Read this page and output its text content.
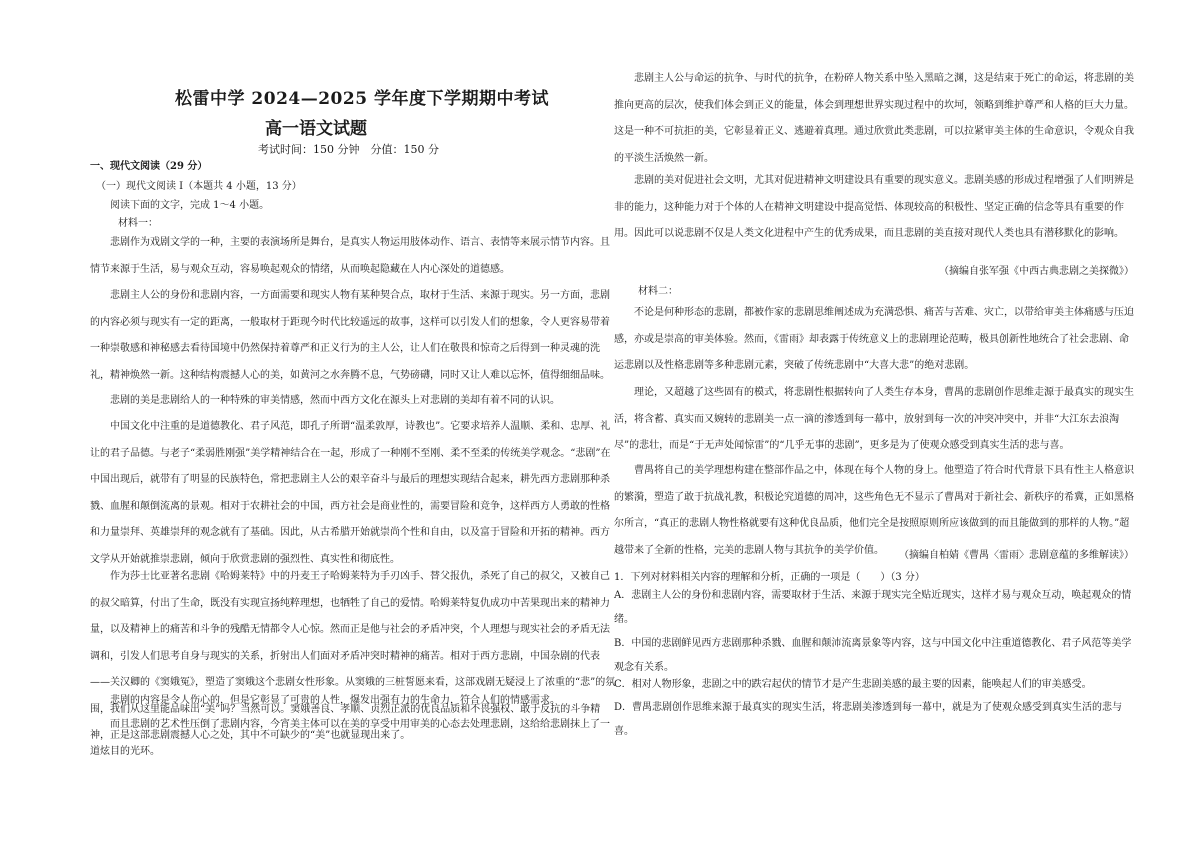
松雷中学 2024—2025 学年度下学期期中考试
高一语文试题
考试时间：150 分钟　分值：150 分
一、现代文阅读（29 分）
（一）现代文阅读 I（本题共 4 小题，13 分）
阅读下面的文字，完成 1～4 小题。
材料一：
悲剧作为戏剧文学的一种，主要的表演场所是舞台，是真实人物运用肢体动作、语言、表情等来展示情节内容。且情节来源于生活，易与观众互动，容易唤起观众的情绪，从而唤起隐藏在人内心深处的道德感。
悲剧主人公的身份和悲剧内容，一方面需要和现实人物有某种契合点，取材于生活、来源于现实。另一方面，悲剧的内容必须与现实有一定的距离，一般取材于距现今时代比较遥远的故事，这样可以引发人们的想象，令人更容易带着一种崇敬感和神秘感去看待国境中仍然保持着尊严和正义行为的主人公，让人们在敬畏和惊奇之后得到一种灵魂的洗礼，精神焕然一新。这种结构震撼人心的美，如黄河之水奔腾不息，气势磅礴，同时又让人难以忘怀，值得细细品味。
悲剧的美是悲剧给人的一种特殊的审美情感，然而中西方文化在源头上对悲剧的美却有着不同的认识。
中国文化中注重的是道德教化、君子风范，即孔子所谓“温柔敦厚，诗教也”。它要求培养人温顺、柔和、忠厚、礼让的君子品德。与老子“柔弱胜刚强”美学精神结合在一起，形成了一种刚不至刚、柔不至柔的传统美学观念。“悲剧”在中国出现后，就带有了明显的民族特色，常把悲剧主人公的艰辛奋斗与最后的理想实现结合起来，耕先西方悲剧那种杀戮、血腥和颠倒流离的景观。相对于农耕社会的中国，西方社会是商业性的，需要冒险和竞争，这样西方人勇敢的性格和力量崇拜、英雄崇拜的观念就有了基础。因此，从古希腊开始就崇尚个性和自由，以及富于冒险和开拓的精神。西方文学从开始就推崇悲剧，倾向于欣赏悲剧的强烈性、真实性和彻底性。
作为莎士比亚著名悲剧《哈姆莱特》中的丹麦王子哈姆莱特为手刃凶手、替父报仇，杀死了自己的叔父，又被自己的叔父暗算，付出了生命，既没有实现宣扬纯粹理想，也牺牲了自己的爱情。哈姆莱特复仇成功中苦果现出来的精神力量，以及精神上的痛苦和斗争的残酷无情都令人心惊。然而正是他与社会的矛盾冲突，个人理想与现实社会的矛盾无法调和，引发人们思考自身与现实的关系，折射出人们面对矛盾冲突时精神的痛苦。相对于西方悲剧，中国杂剧的代表——关汉卿的《窦娥冤》，塑造了窦娥这个悲剧女性形象。从窦娥的三桩誓愿来看，这部戏剧无疑浸上了浓重的“悲”的氛围，我们从这里能品味出“美”吗？当然可以。窦娥善良、孝顺、贞烈正派的优良品质和不畏强权、敢于反抗的斗争精神，正是这部悲剧震撼人心之处，其中不可缺少的“美”也就显现出来了。
悲剧的内容是令人伤心的，但是它彰显了可贵的人性，爆发出强有力的生命力，符合人们的情感需求。
而且悲剧的艺术性压倒了悲剧内容，今宵美主体可以在美的享受中用审美的心态去处理悲剧，这给给悲剧抹上了一道炫目的光环。
悲剧主人公与命运的抗争、与时代的抗争，在粉碎人物关系中坠入黑暗之渊，这是结束于死亡的命运，将悲剧的美推向更高的层次，使我们体会到正义的能量，体会到理想世界实现过程中的坎坷，领略到维护尊严和人格的巨大力量。这是一种不可抗拒的美，它彰显着正义、逃避着真理。通过欣赏此类悲剧，可以拉紧审美主体的生命意识，令观众自我的平淡生活焕然一新。
悲剧的美对促进社会文明，尤其对促进精神文明建设具有重要的现实意义。悲剧美感的形成过程增强了人们明辨是非的能力，这种能力对于个体的人在精神文明建设中提高觉悟、体现较高的积极性、坚定正确的信念等具有重要的作用。因此可以说悲剧不仅是人类文化进程中产生的优秀成果，而且悲剧的美直接对现代人类也具有潜移默化的影响。
（摘编自张军强《中西古典悲剧之美探微》）
材料二：
不论是何种形态的悲剧，都被作家的悲剧思维阐述成为充满恐惧、痛苦与苦难、灾亡，以带给审美主体痛感与压迫感，亦或是崇高的审美体验。然而，《雷雨》却表露于传统意义上的悲剧理论范畴，极具创新性地统合了社会悲剧、命运悲剧以及性格悲剧等多种悲剧元素，突破了传统悲剧中“大喜大悲”的绝对悲剧。
理论，又超越了这些固有的模式，将悲剧性根据转向了人类生存本身，曹禺的悲剧创作思维走源于最真实的现实生活，将含蓄、真实而又婉转的悲剧美一点一滴的渗透到每一幕中，放射到每一次的冲突冲突中，并非“大江东去浪淘尽”的悲壮，而是“于无声处闻惊雷”的“几乎无事的悲剧”，更多是为了使观众感受到真实生活的悲与喜。
曹禺将自己的美学理想构建在整部作品之中，体现在每个人物的身上。他塑造了符合时代背景下具有性主人格意识的繁漪，塑造了敢于抗战礼教，积极论究道德的周冲，这些角色无不显示了曹禺对于新社会、新秩序的希冀，正如黑格尔所言，“真正的悲剧人物性格就要有这种优良品质，他们完全是按照原则所应该做到的而且能做到的那样的人物。”超越带来了全新的性格，完美的悲剧人物与其抗争的美学价值。	（摘编自柏婧《曹禺〈雷雨〉悲剧意蕴的多维解读》）
1．下列对材料相关内容的理解和分析，正确的一项是（　　）（3 分）
A．悲剧主人公的身份和悲剧内容，需要取材于生活、来源于现实完全贴近现实，这样才易与观众互动，唤起观众的情绪。
B．中国的悲剧鲜见西方悲剧那种杀戮、血腥和颠沛流离景象等内容，这与中国文化中注重道德教化、君子风范等美学观念有关系。
C．相对人物形象，悲剧之中的跌宕起伏的情节才是产生悲剧美感的最主要的因素，能唤起人们的审美感受。
D．曹禺悲剧创作思维来源于最真实的现实生活，将悲剧美渗透到每一幕中，就是为了使观众感受到真实生活的悲与喜。
